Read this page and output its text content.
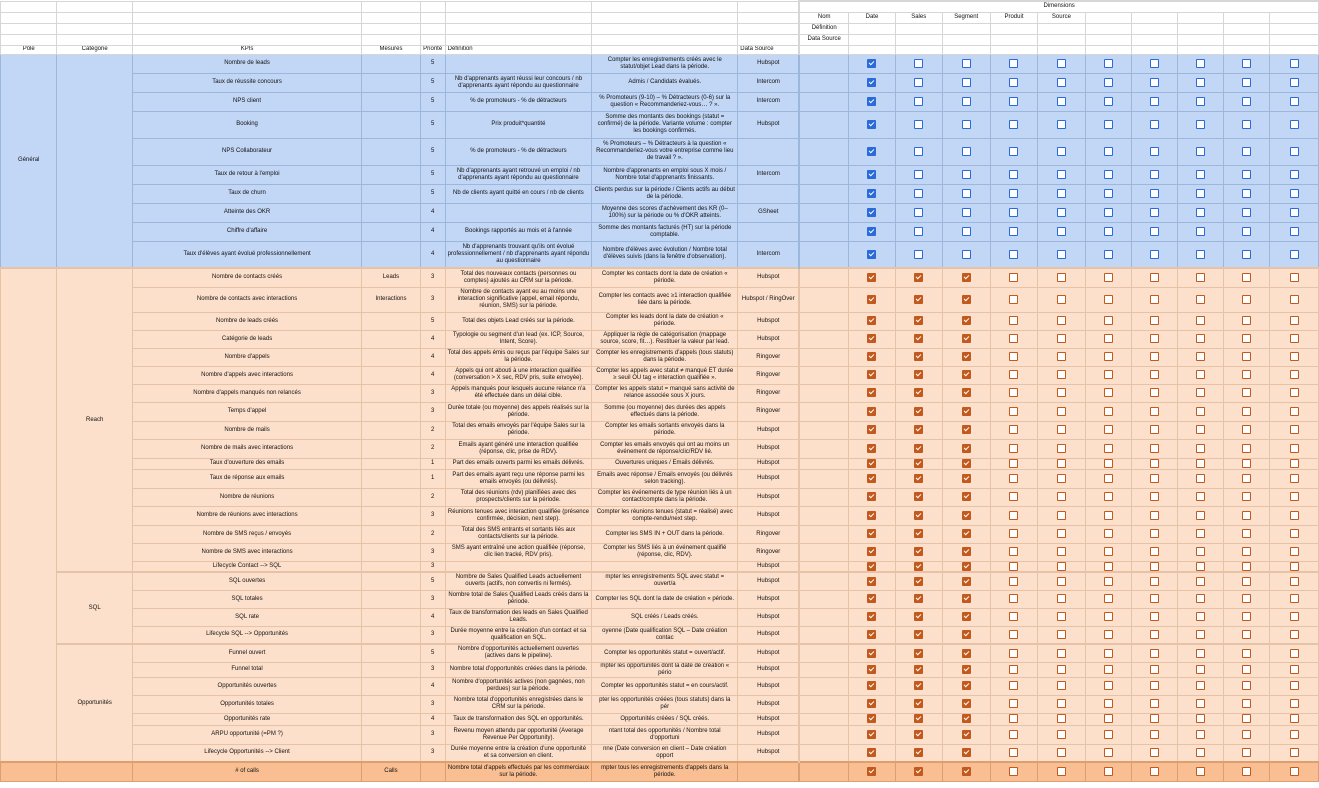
								Dimensions										
								Nom	Date	Sales	Segment	Produit	Source					
								Définition										
								Data Source										
Pôle	Catégorie	KPIs	Mesures	Priorité	Définition		Data Source											
Général		Nombre de leads		5		Compter les enregistrements créés avec le statut/objet Lead dans la période.	Hubspot											
		Taux de réussite concours		5	Nb d'apprenants ayant réussi leur concours / nb d'apprenants ayant répondu au questionnaire	Admis / Candidats évalués.	Intercom											
		NPS client		5	% de promoteurs - % de détracteurs	% Promoteurs (9-10) – % Détracteurs (0-6) sur la question « Recommanderiez-vous… ? ».	Intercom											
		Booking		5	Prix produit*quantité	Somme des montants des bookings (statut = confirmé) de la période. Variante volume : compter les bookings confirmés.	Hubspot											
		NPS Collaborateur		5	% de promoteurs - % de détracteurs	% Promoteurs – % Détracteurs à la question « Recommanderiez-vous votre entreprise comme lieu de travail ? ».												
		Taux de retour à l'emploi		5	Nb d'apprenants ayant retrouvé un emploi / nb d'apprenants ayant répondu au questionnaire	Nombre d'apprenants en emploi sous X mois / Nombre total d'apprenants finissants.	Intercom											
		Taux de churn		5	Nb de clients ayant quitté en cours / nb de clients	Clients perdus sur la période / Clients actifs au début de la période.												
		Atteinte des OKR		4		Moyenne des scores d'achèvement des KR (0–100%) sur la période ou % d'OKR atteints.	GSheet											
		Chiffre d'affaire		4	Bookings rapportés au mois et à l'année	Somme des montants facturés (HT) sur la période comptable.												
		Taux d'élèves ayant évolué professionnellement		4	Nb d'apprenants trouvant qu'ils ont évolué professionnellement / nb d'apprenants ayant répondu au questionnaire	Nombre d'élèves avec évolution / Nombre total d'élèves suivis (dans la fenêtre d'observation).	Intercom											
	Reach	Nombre de contacts créés	Leads	3	Total des nouveaux contacts (personnes ou comptes) ajoutés au CRM sur la période.	Compter les contacts dont la date de création « période.	Hubspot											
		Nombre de contacts avec interactions	Interactions	3	Nombre de contacts ayant eu au moins une interaction significative (appel, email répondu, réunion, SMS) sur la période.	Compter les contacts avec ≥1 interaction qualifiée liée dans la période.	Hubspot / RingOver											
		Nombre de leads créés		5	Total des objets Lead créés sur la période.	Compter les leads dont la date de création « période.	Hubspot											
		Catégorie de leads		4	Typologie ou segment d'un lead (ex. ICP, Source, Intent, Score).	Appliquer la règle de catégorisation (mappage source, score, fit…). Restituer la valeur par lead.	Hubspot											
		Nombre d'appels		4	Total des appels émis ou reçus par l'équipe Sales sur la période.	Compter les enregistrements d'appels (tous statuts) dans la période.	Ringover											
		Nombre d'appels avec interactions		4	Appels qui ont abouti à une interaction qualifiée (conversation > X sec, RDV pris, suite envoyée).	Compter les appels avec statut ≠ manqué ET durée ≥ seuil OU tag « interaction qualifiée ».	Ringover											
		Nombre d'appels manqués non relancés		3	Appels manqués pour lesquels aucune relance n'a été effectuée dans un délai cible.	Compter les appels statut = manqué sans activité de relance associée sous X jours.	Ringover											
		Temps d'appel		3	Durée totale (ou moyenne) des appels réalisés sur la période.	Somme (ou moyenne) des durées des appels effectués dans la période.	Ringover											
		Nombre de mails		2	Total des emails envoyés par l'équipe Sales sur la période.	Compter les emails sortants envoyés dans la période.	Hubspot											
		Nombre de mails avec interactions		2	Emails ayant généré une interaction qualifiée (réponse, clic, prise de RDV).	Compter les emails envoyés qui ont au moins un événement de réponse/clic/RDV lié.	Hubspot											
		Taux d'ouverture des emails		1	Part des emails ouverts parmi les emails délivrés.	Ouvertures uniques / Emails délivrés.	Hubspot											
		Taux de réponse aux emails		1	Part des emails ayant reçu une réponse parmi les emails envoyés (ou délivrés).	Emails avec réponse / Emails envoyés (ou délivrés selon tracking).	Hubspot											
		Nombre de réunions		2	Total des réunions (rdv) planifiées avec des prospects/clients sur la période.	Compter les événements de type réunion liés à un contact/compte dans la période.	Hubspot											
		Nombre de réunions avec interactions		3	Réunions tenues avec interaction qualifiée (présence confirmée, décision, next step).	Compter les réunions tenues (statut = réalisé) avec compte-rendu/next step.	Hubspot											
		Nombre de SMS reçus / envoyés		2	Total des SMS entrants et sortants liés aux contacts/clients sur la période.	Compter les SMS IN + OUT dans la période.	Ringover											
		Nombre de SMS avec interactions		3	SMS ayant entraîné une action qualifiée (réponse, clic lien tracké, RDV pris).	Compter les SMS liés à un événement qualifié (réponse, clic, RDV).	Ringover											
		Lifecycle Contact --> SQL		3			Hubspot											
	SQL	SQL ouvertes		5	Nombre de Sales Qualified Leads actuellement ouverts (actifs, non convertis ni fermés).	mpter les enregistrements SQL avec statut = ouvert/a	Hubspot											
		SQL totales		3	Nombre total de Sales Qualified Leads créés dans la période.	Compter les SQL dont la date de création « période.	Hubspot											
		SQL rate		4	Taux de transformation des leads en Sales Qualified Leads.	SQL créés / Leads créés.	Hubspot											
		Lifecycle SQL --> Opportunités		3	Durée moyenne entre la création d'un contact et sa qualification en SQL.	oyenne (Date qualification SQL – Date création contac	Hubspot											
	Opportunités	Funnel ouvert		5	Nombre d'opportunités actuellement ouvertes (actives dans le pipeline).	Compter les opportunités statut = ouvert/actif.	Hubspot											
		Funnel total		3	Nombre total d'opportunités créées dans la période.	mpter les opportunités dont la date de création « pério	Hubspot											
		Opportunités ouvertes		4	Nombre d'opportunités actives (non gagnées, non perdues) sur la période.	Compter les opportunités statut = en cours/actif.	Hubspot											
		Opportunités totales		3	Nombre total d'opportunités enregistrées dans le CRM sur la période.	pter les opportunités créées (tous statuts) dans la pér	Hubspot											
		Opportunités rate		4	Taux de transformation des SQL en opportunités.	Opportunités créées / SQL créés.	Hubspot											
		ARPU opportunité (=PM ?)		3	Revenu moyen attendu par opportunité (Average Revenue Per Opportunity).	ntant total des opportunités / Nombre total d'opportuni	Hubspot											
		Lifecycle Opportunités --> Client		3	Durée moyenne entre la création d'une opportunité et sa conversion en client.	nne (Date conversion en client – Date création opport	Hubspot											
		# of calls	Calls		Nombre total d'appels effectués par les commerciaux sur la période.	mpter tous les enregistrements d'appels dans la période.												
